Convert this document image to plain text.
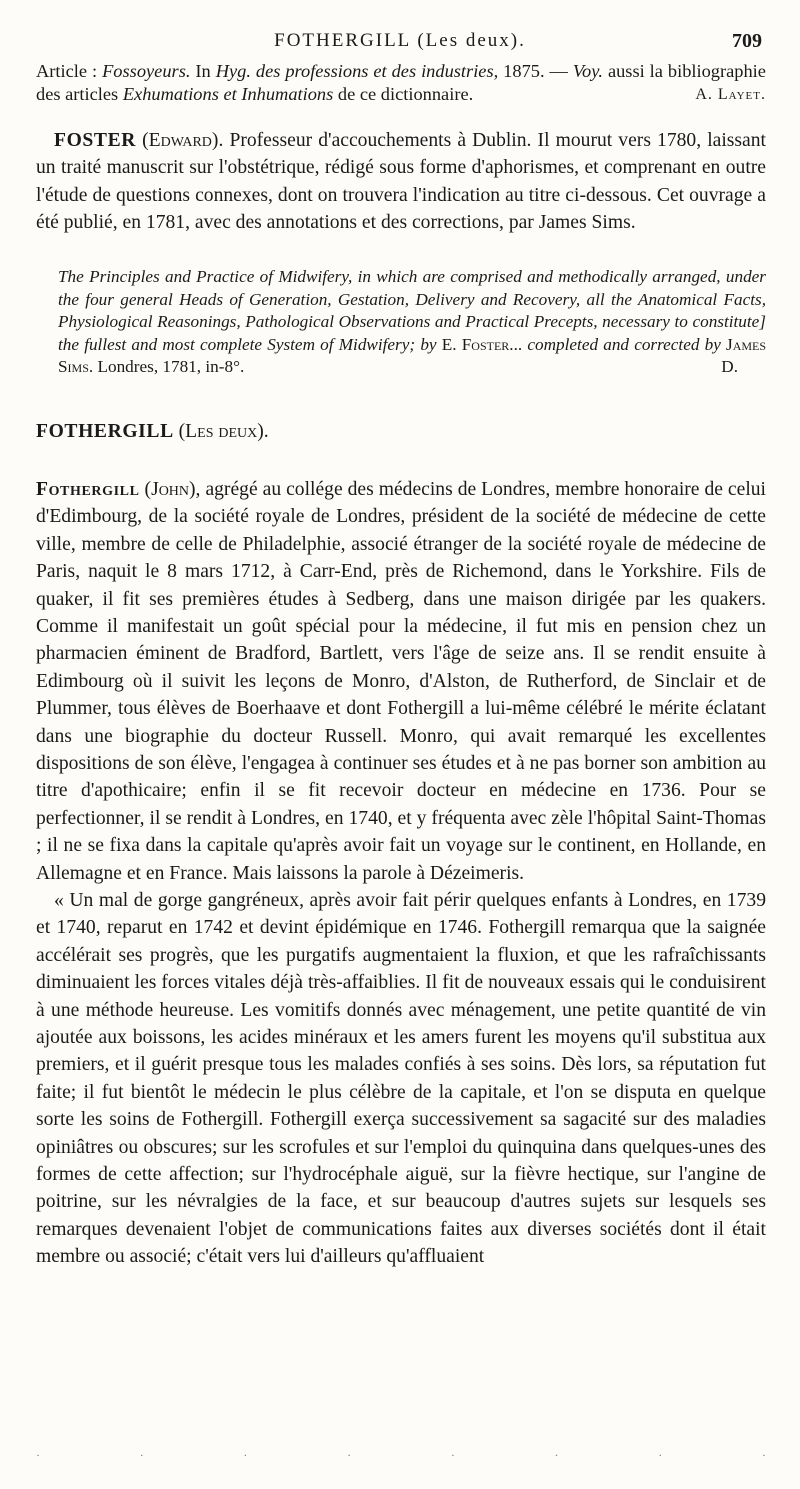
FOTHERGILL (Les deux).	709

Article : Fossoyeurs. In Hyg. des professions et des industries, 1875. — Voy. aussi la bibliographie des articles Exhumations et Inhumations de ce dictionnaire.	A. Layet.

FOSTER (Edward). Professeur d'accouchements à Dublin. Il mourut vers 1780, laissant un traité manuscrit sur l'obstétrique, rédigé sous forme d'aphorismes, et comprenant en outre l'étude de questions connexes, dont on trouvera l'indication au titre ci-dessous. Cet ouvrage a été publié, en 1781, avec des annotations et des corrections, par James Sims.

The Principles and Practice of Midwifery, in which are comprised and methodically arranged, under the four general Heads of Generation, Gestation, Delivery and Recovery, all the Anatomical Facts, Physiological Reasonings, Pathological Observations and Practical Precepts, necessary to constitute] the fullest and most complete System of Midwifery; by E. Foster... completed and corrected by James Sims. Londres, 1781, in-8°.	D.

FOTHERGILL (Les deux).

Fothergill (John), agrégé au collége des médecins de Londres, membre honoraire de celui d'Edimbourg, de la société royale de Londres, président de la société de médecine de cette ville, membre de celle de Philadelphie, associé étranger de la société royale de médecine de Paris, naquit le 8 mars 1712, à Carr-End, près de Richemond, dans le Yorkshire. Fils de quaker, il fit ses premières études à Sedberg, dans une maison dirigée par les quakers. Comme il manifestait un goût spécial pour la médecine, il fut mis en pension chez un pharmacien éminent de Bradford, Bartlett, vers l'âge de seize ans. Il se rendit ensuite à Edimbourg où il suivit les leçons de Monro, d'Alston, de Rutherford, de Sinclair et de Plummer, tous élèves de Boerhaave et dont Fothergill a lui-même célébré le mérite éclatant dans une biographie du docteur Russell. Monro, qui avait remarqué les excellentes dispositions de son élève, l'engagea à continuer ses études et à ne pas borner son ambition au titre d'apothicaire; enfin il se fit recevoir docteur en médecine en 1736. Pour se perfectionner, il se rendit à Londres, en 1740, et y fréquenta avec zèle l'hôpital Saint-Thomas ; il ne se fixa dans la capitale qu'après avoir fait un voyage sur le continent, en Hollande, en Allemagne et en France. Mais laissons la parole à Dézeimeris.

« Un mal de gorge gangréneux, après avoir fait périr quelques enfants à Londres, en 1739 et 1740, reparut en 1742 et devint épidémique en 1746. Fothergill remarqua que la saignée accélérait ses progrès, que les purgatifs augmentaient la fluxion, et que les rafraîchissants diminuaient les forces vitales déjà très-affaiblies. Il fit de nouveaux essais qui le conduisirent à une méthode heureuse. Les vomitifs donnés avec ménagement, une petite quantité de vin ajoutée aux boissons, les acides minéraux et les amers furent les moyens qu'il substitua aux premiers, et il guérit presque tous les malades confiés à ses soins. Dès lors, sa réputation fut faite; il fut bientôt le médecin le plus célèbre de la capitale, et l'on se disputa en quelque sorte les soins de Fothergill. Fothergill exerça successivement sa sagacité sur des maladies opiniâtres ou obscures; sur les scrofules et sur l'emploi du quinquina dans quelques-unes des formes de cette affection; sur l'hydrocéphale aiguë, sur la fièvre hectique, sur l'angine de poitrine, sur les névralgies de la face, et sur beaucoup d'autres sujets sur lesquels ses remarques devenaient l'objet de communications faites aux diverses sociétés dont il était membre ou associé; c'était vers lui d'ailleurs qu'affluaient

·	·	·	·	·	·	·	·
